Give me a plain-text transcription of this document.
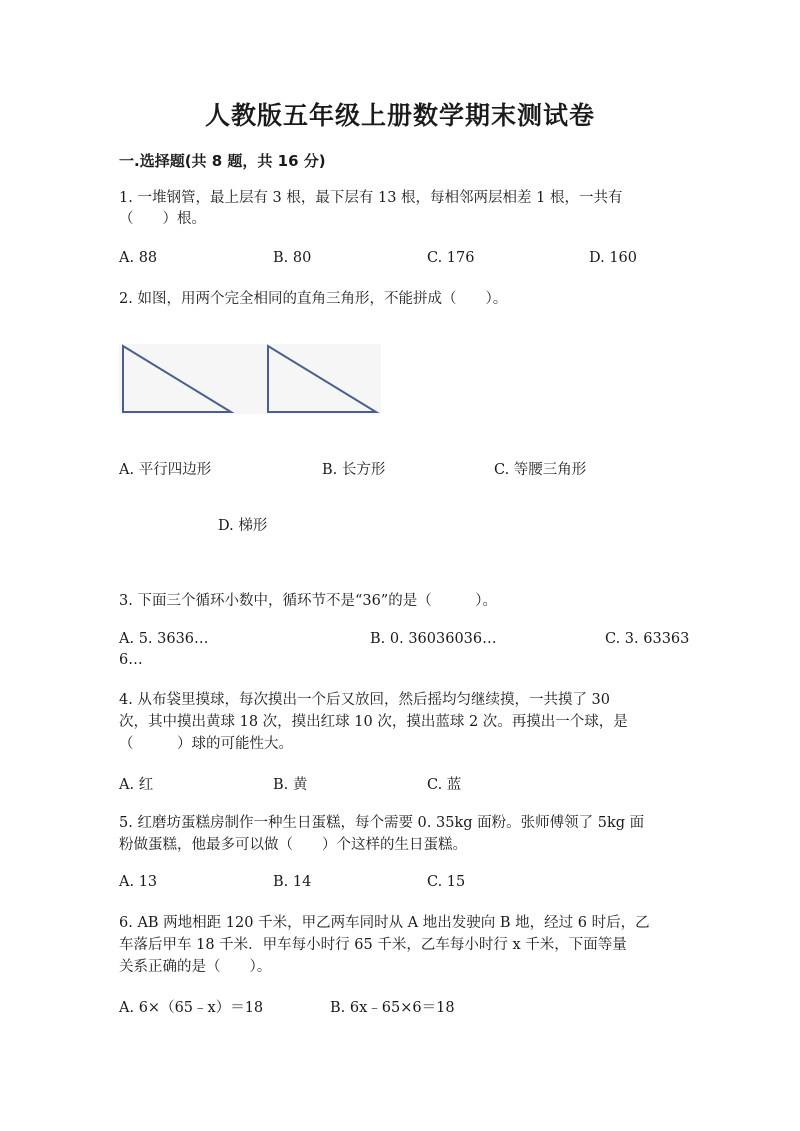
人教版五年级上册数学期末测试卷
一.选择题(共 8 题，共 16 分)
1. 一堆钢管，最上层有 3 根，最下层有 13 根，每相邻两层相差 1 根，一共有
（　　）根。
A. 88	B. 80	C. 176	D. 160
2. 如图，用两个完全相同的直角三角形，不能拼成（　　）。
A. 平行四边形	B. 长方形	C. 等腰三角形
D. 梯形
3. 下面三个循环小数中，循环节不是“36”的是（　　　）。
A. 5. 3636…	B. 0. 36036036…	C. 3. 63363
6…
4. 从布袋里摸球，每次摸出一个后又放回，然后摇均匀继续摸，一共摸了 30
次，其中摸出黄球 18 次，摸出红球 10 次，摸出蓝球 2 次。再摸出一个球，是
（　　　）球的可能性大。
A. 红	B. 黄	C. 蓝
5. 红磨坊蛋糕房制作一种生日蛋糕，每个需要 0. 35kg 面粉。张师傅领了 5kg 面
粉做蛋糕，他最多可以做（　　）个这样的生日蛋糕。
A. 13	B. 14	C. 15
6. AB 两地相距 120 千米，甲乙两车同时从 A 地出发驶向 B 地，经过 6 时后，乙
车落后甲车 18 千米．甲车每小时行 65 千米，乙车每小时行 x 千米，下面等量
关系正确的是（　　）。
A. 6×（65﹣x）＝18	B. 6x﹣65×6＝18
